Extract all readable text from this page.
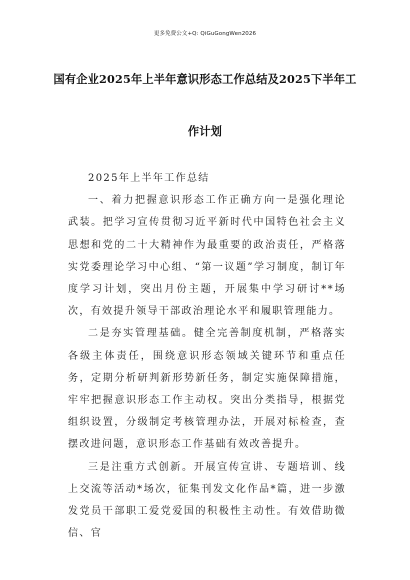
更多免费公文+Q: QiGuGongWen2026
国有企业2025年上半年意识形态工作总结及2025下半年工
作计划

2025年上半年工作总结

一、着力把握意识形态工作正确方向一是强化理论武装。把学习宣传贯彻习近平新时代中国特色社会主义思想和党的二十大精神作为最重要的政治责任，严格落实党委理论学习中心组、“第一议题”学习制度，制订年度学习计划，突出月份主题，开展集中学习研讨**场次，有效提升领导干部政治理论水平和履职管理能力。

二是夯实管理基础。健全完善制度机制，严格落实各级主体责任，围绕意识形态领域关键环节和重点任务，定期分析研判新形势新任务，制定实施保障措施，牢牢把握意识形态工作主动权。突出分类指导，根据党组织设置，分级制定考核管理办法，开展对标检查，查摆改进问题，意识形态工作基础有效改善提升。

三是注重方式创新。开展宣传宣讲、专题培训、线上交流等活动*场次，征集刊发文化作品*篇，进一步激发党员干部职工爱党爱国的积极性主动性。有效借助微信、官
